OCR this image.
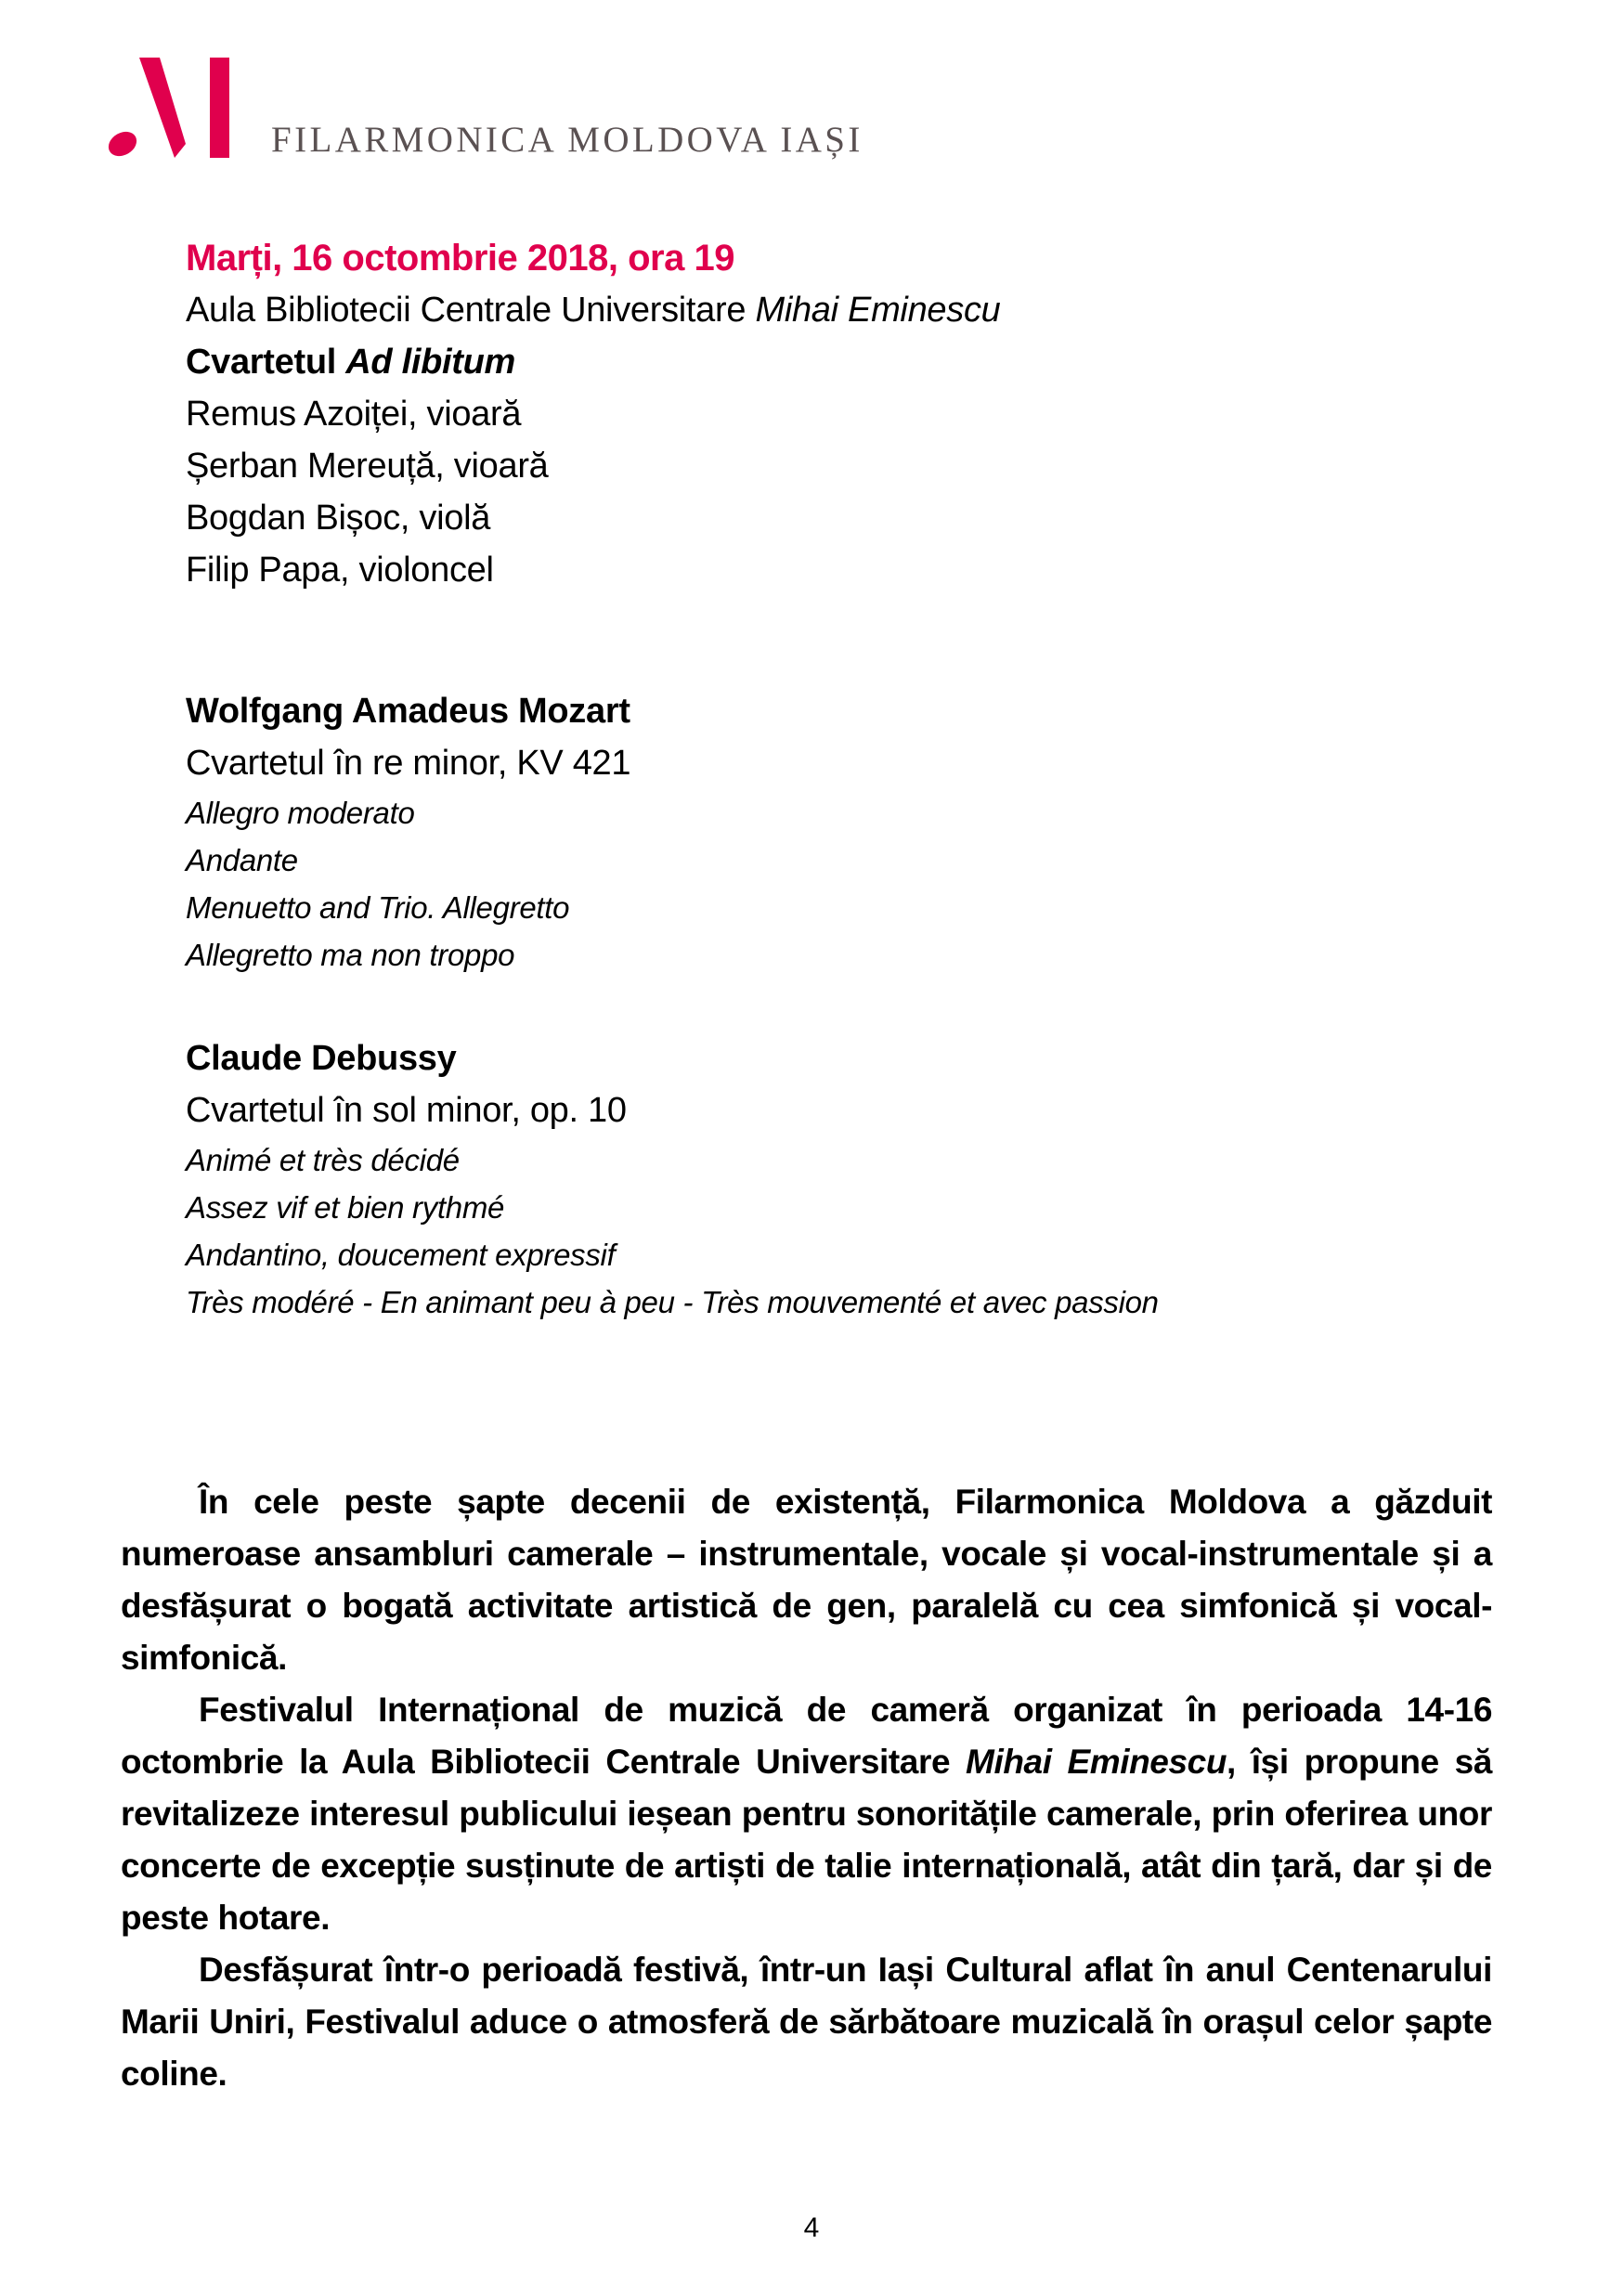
FILARMONICA MOLDOVA IAȘI
Marți, 16 octombrie 2018, ora 19
Aula Bibliotecii Centrale Universitare Mihai Eminescu
Cvartetul Ad libitum
Remus Azoiței, vioară
Șerban Mereuță, vioară
Bogdan Bișoc, violă
Filip Papa, violoncel
Wolfgang Amadeus Mozart
Cvartetul în re minor, KV 421
Allegro moderato
Andante
Menuetto and Trio. Allegretto
Allegretto ma non troppo
Claude Debussy
Cvartetul în sol minor, op. 10
Animé et très décidé
Assez vif et bien rythmé
Andantino, doucement expressif
Très modéré - En animant peu à peu - Très mouvementé et avec passion

În cele peste șapte decenii de existență, Filarmonica Moldova a găzduit numeroase ansambluri camerale – instrumentale, vocale și vocal-instrumentale și a desfășurat o bogată activitate artistică de gen, paralelă cu cea simfonică și vocal-simfonică.

Festivalul Internațional de muzică de cameră organizat în perioada 14-16 octombrie la Aula Bibliotecii Centrale Universitare Mihai Eminescu, își propune să revitalizeze interesul publicului ieșean pentru sonoritățile camerale, prin oferirea unor concerte de excepție susținute de artiști de talie internațională, atât din țară, dar și de peste hotare.

Desfășurat într-o perioadă festivă, într-un Iași Cultural aflat în anul Centenarului Marii Uniri, Festivalul aduce o atmosferă de sărbătoare muzicală în orașul celor șapte coline.

4
